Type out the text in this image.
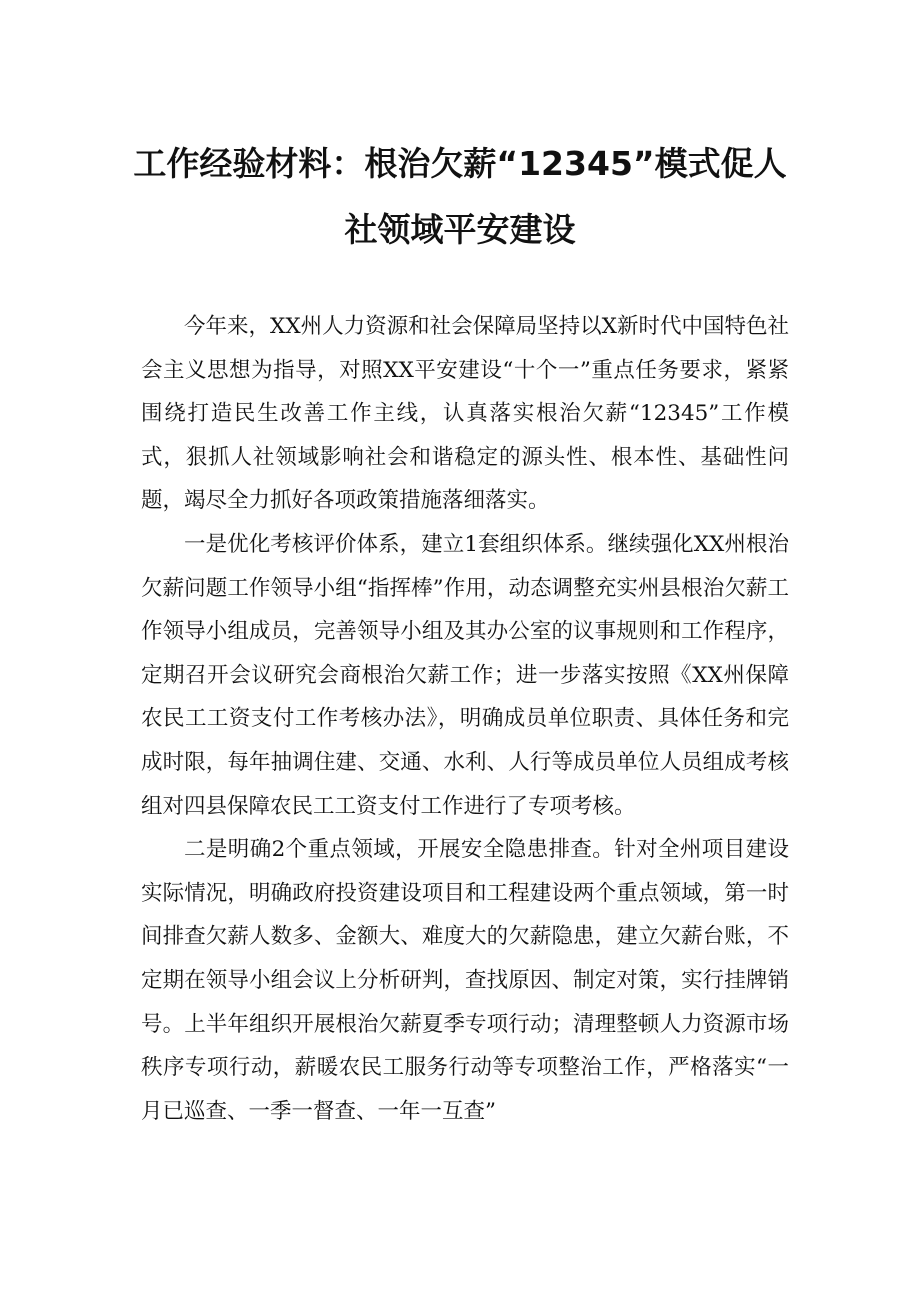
工作经验材料：根治欠薪“12345”模式促人
社领域平安建设

今年来，XX州人力资源和社会保障局坚持以X新时代中国特色社会主义思想为指导，对照XX平安建设“十个一”重点任务要求，紧紧围绕打造民生改善工作主线，认真落实根治欠薪“12345”工作模式，狠抓人社领域影响社会和谐稳定的源头性、根本性、基础性问题，竭尽全力抓好各项政策措施落细落实。

一是优化考核评价体系，建立1套组织体系。继续强化XX州根治欠薪问题工作领导小组“指挥棒”作用，动态调整充实州县根治欠薪工作领导小组成员，完善领导小组及其办公室的议事规则和工作程序，定期召开会议研究会商根治欠薪工作；进一步落实按照《XX州保障农民工工资支付工作考核办法》，明确成员单位职责、具体任务和完成时限，每年抽调住建、交通、水利、人行等成员单位人员组成考核组对四县保障农民工工资支付工作进行了专项考核。

二是明确2个重点领域，开展安全隐患排查。针对全州项目建设实际情况，明确政府投资建设项目和工程建设两个重点领域，第一时间排查欠薪人数多、金额大、难度大的欠薪隐患，建立欠薪台账，不定期在领导小组会议上分析研判，查找原因、制定对策，实行挂牌销号。上半年组织开展根治欠薪夏季专项行动；清理整顿人力资源市场秩序专项行动，薪暖农民工服务行动等专项整治工作，严格落实“一月已巡查、一季一督查、一年一互查”
